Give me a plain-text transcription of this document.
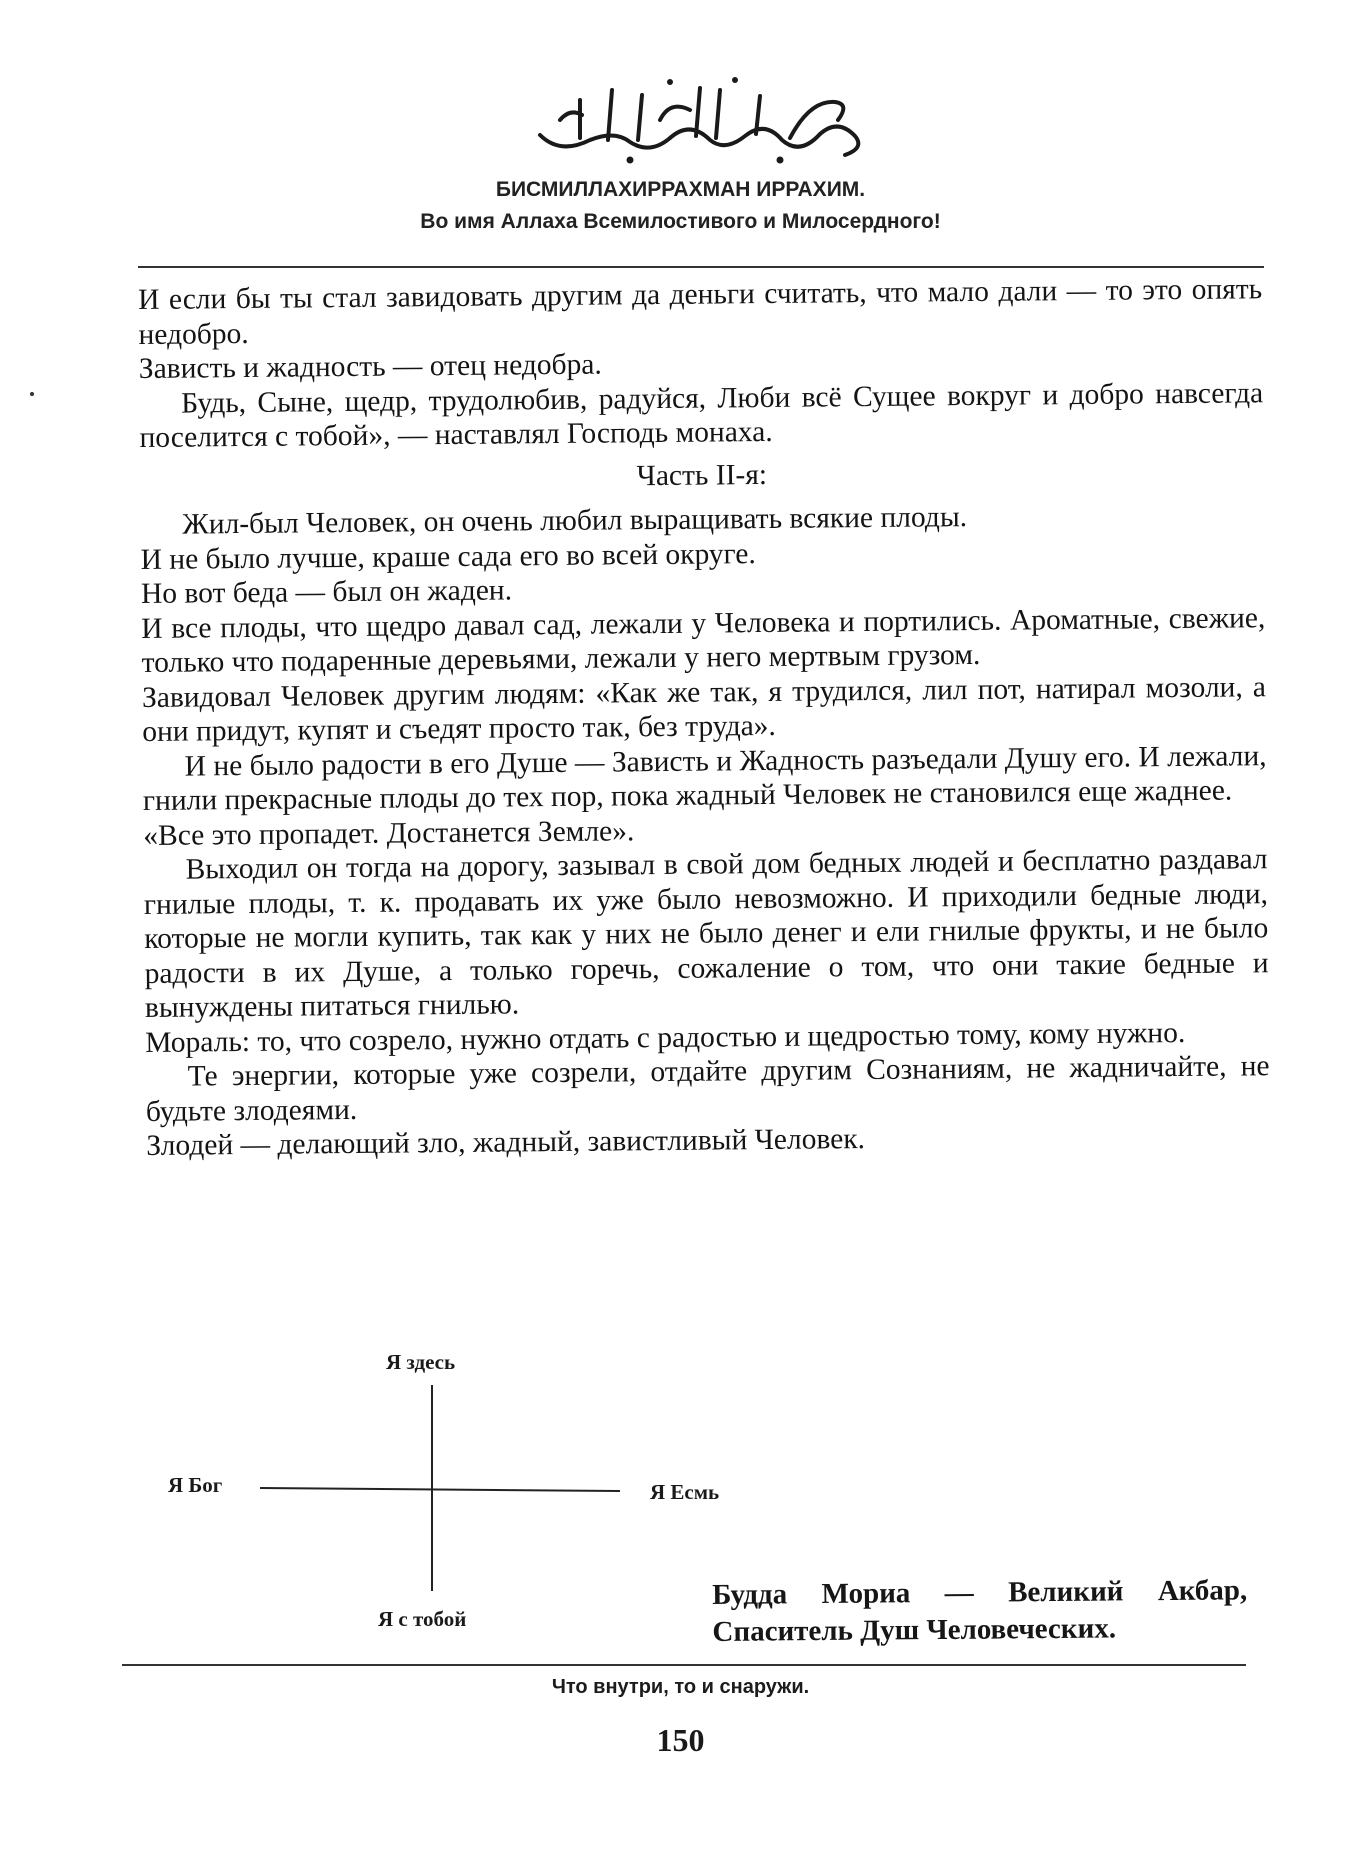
БИСМИЛЛАХИРРАХМАН ИРРАХИМ.
Во имя Аллаха Всемилостивого и Милосердного!

И если бы ты стал завидовать другим да деньги считать, что мало дали — то это опять недобро.

Зависть и жадность — отец недобра.

Будь, Сыне, щедр, трудолюбив, радуйся, Люби всё Сущее вокруг и добро навсегда поселится с тобой», — наставлял Господь монаха.

Часть II-я:

Жил-был Человек, он очень любил выращивать всякие плоды.

И не было лучше, краше сада его во всей округе.

Но вот беда — был он жаден.

И все плоды, что щедро давал сад, лежали у Человека и портились. Ароматные, свежие, только что подаренные деревьями, лежали у него мертвым грузом.

Завидовал Человек другим людям: «Как же так, я трудился, лил пот, натирал мозоли, а они придут, купят и съедят просто так, без труда».

И не было радости в его Душе — Зависть и Жадность разъедали Душу его. И лежали, гнили прекрасные плоды до тех пор, пока жадный Человек не становился еще жаднее.

«Все это пропадет. Достанется Земле».

Выходил он тогда на дорогу, зазывал в свой дом бедных людей и бесплатно раздавал гнилые плоды, т. к. продавать их уже было невозможно. И приходили бедные люди, которые не могли купить, так как у них не было денег и ели гнилые фрукты, и не было радости в их Душе, а только горечь, сожаление о том, что они такие бедные и вынуждены питаться гнилью.

Мораль: то, что созрело, нужно отдать с радостью и щедростью тому, кому нужно.

Те энергии, которые уже созрели, отдайте другим Сознаниям, не жадничайте, не будьте злодеями.

Злодей — делающий зло, жадный, завистливый Человек.

Я здесь
Я Бог	Я Есмь
Я с тобой
Будда Мориа — Великий Акбар,
Спаситель Душ Человеческих.
Что внутри, то и снаружи.
150
